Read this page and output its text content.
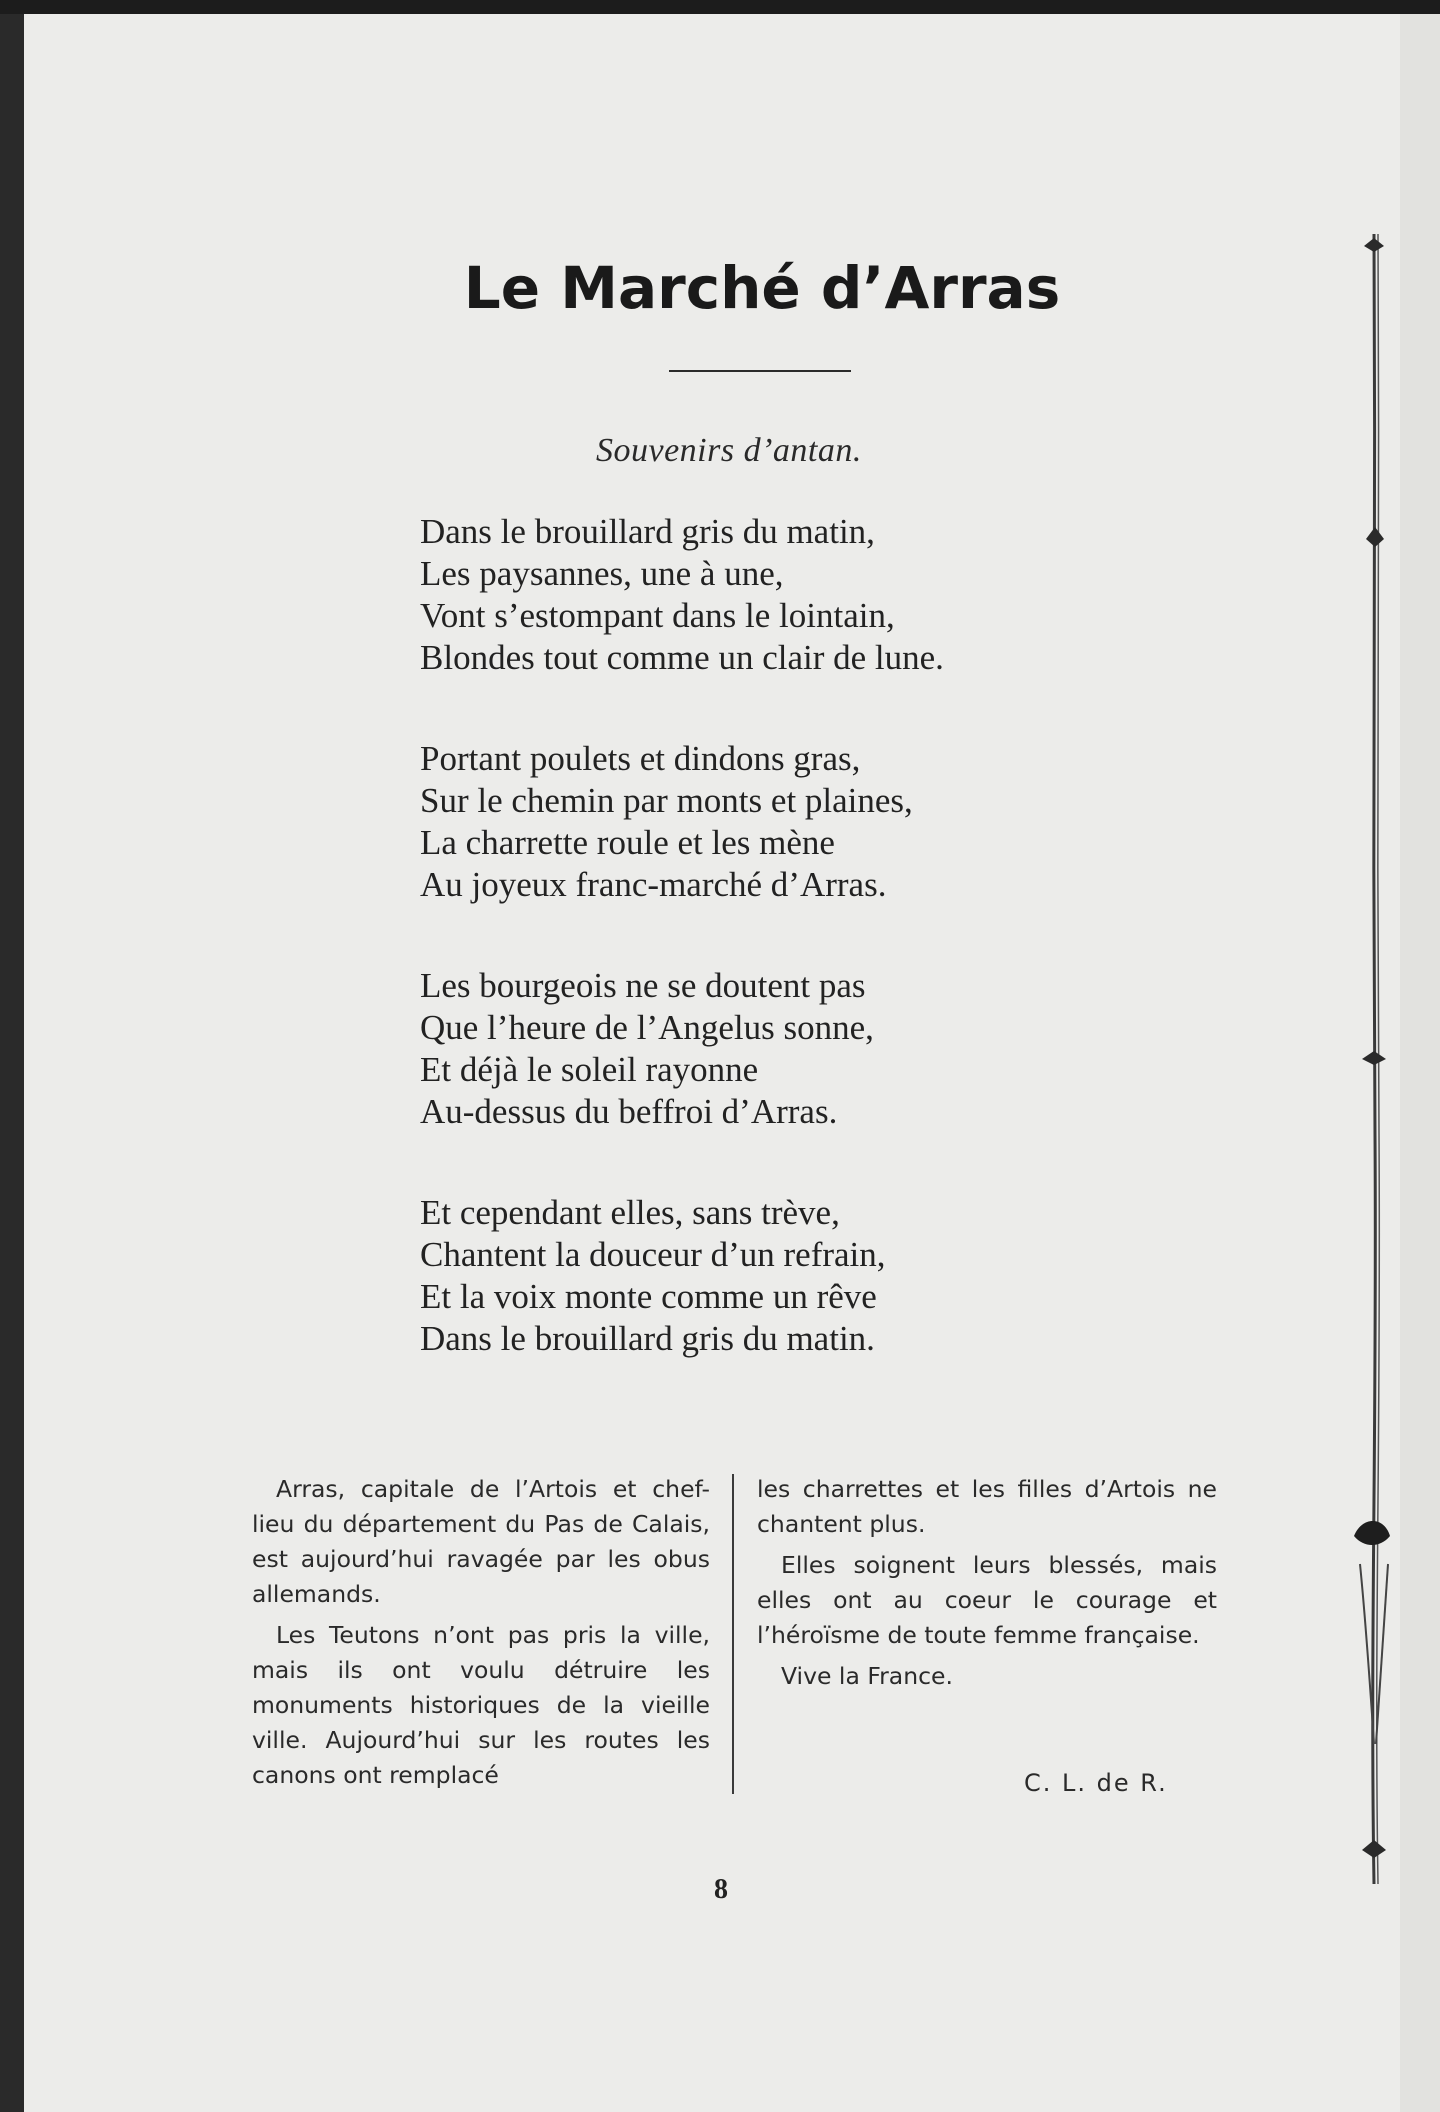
Le Marché d’Arras
Souvenirs d’antan.
Dans le brouillard gris du matin,
Les paysannes, une à une,
Vont s’estompant dans le lointain,
Blondes tout comme un clair de lune.
Portant poulets et dindons gras,
Sur le chemin par monts et plaines,
La charrette roule et les mène
Au joyeux franc-marché d’Arras.
Les bourgeois ne se doutent pas
Que l’heure de l’Angelus sonne,
Et déjà le soleil rayonne
Au-dessus du beffroi d’Arras.
Et cependant elles, sans trève,
Chantent la douceur d’un refrain,
Et la voix monte comme un rêve
Dans le brouillard gris du matin.

Arras, capitale de l’Artois et chef-lieu du département du Pas de Calais, est aujourd’hui ravagée par les obus allemands.

Les Teutons n’ont pas pris la ville, mais ils ont voulu détruire les monuments historiques de la vieille ville. Aujourd’hui sur les routes les canons ont remplacé

les charrettes et les filles d’Artois ne chantent plus.

Elles soignent leurs blessés, mais elles ont au coeur le courage et l’héroïsme de toute femme française.

Vive la France.

C. L. de R.
8
